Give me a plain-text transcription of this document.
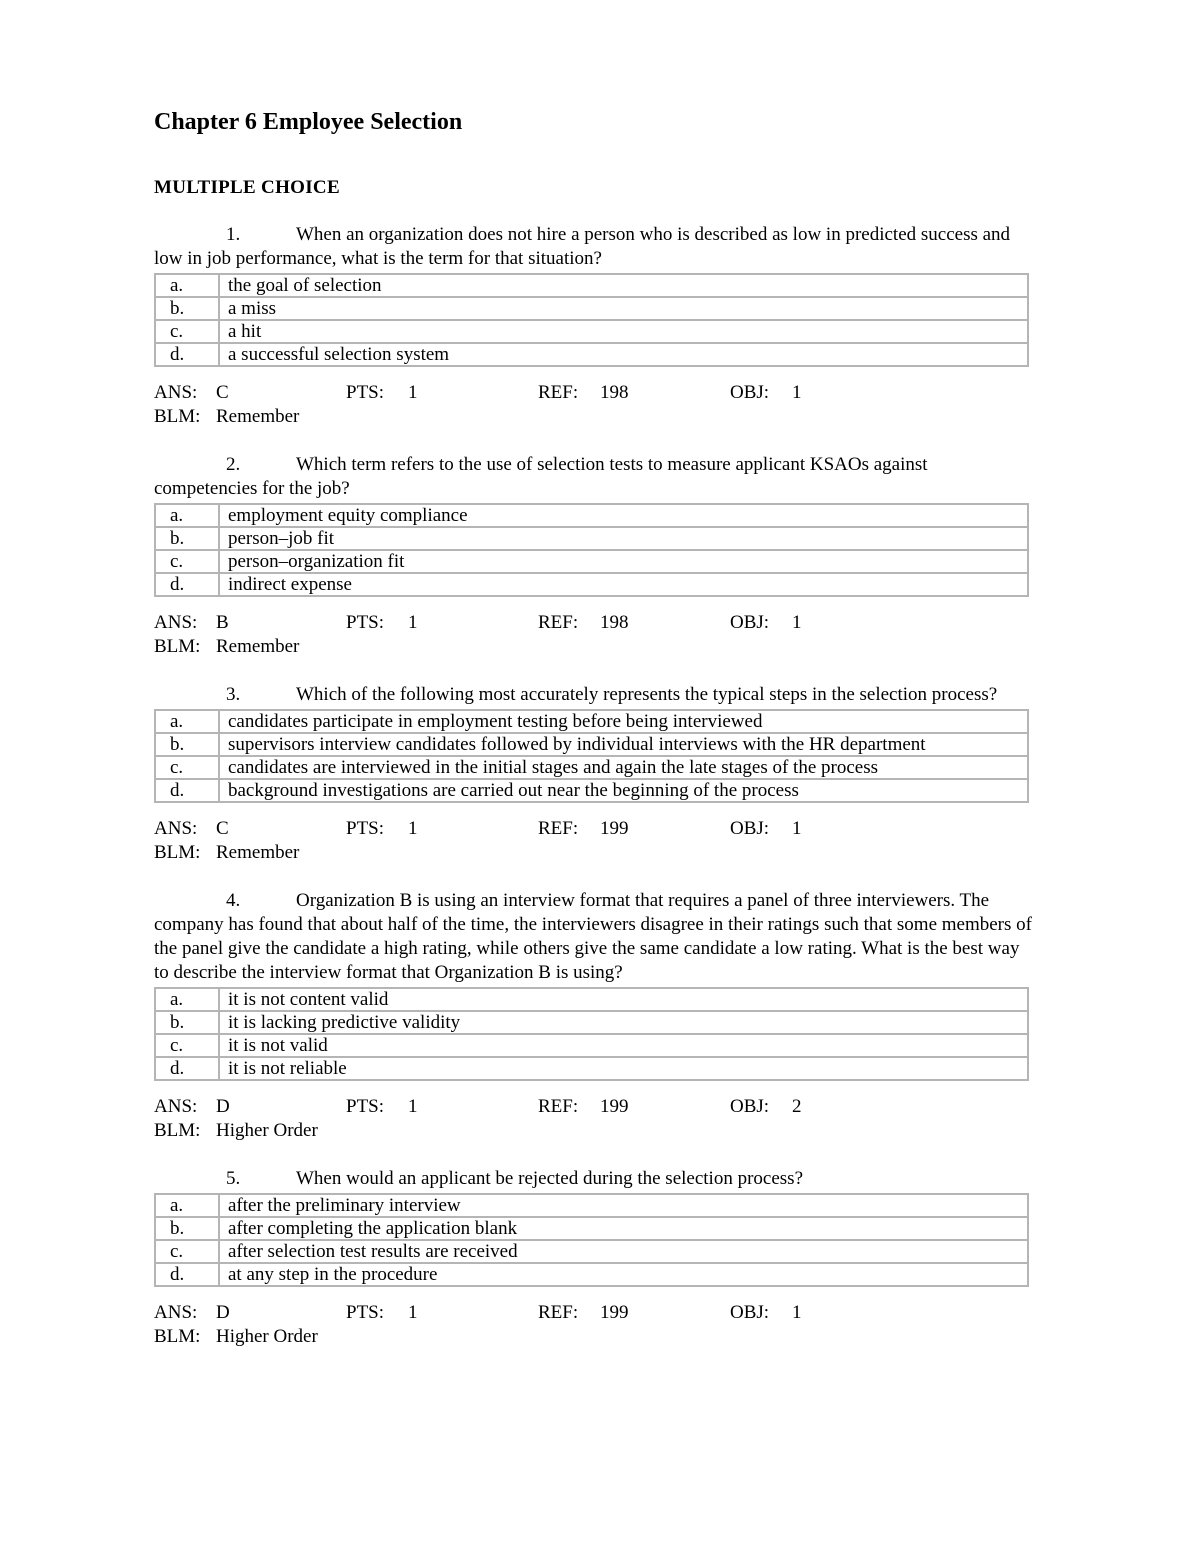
Chapter 6 Employee Selection
MULTIPLE CHOICE

1.	When an organization does not hire a person who is described as low in predicted success and low in job performance, what is the term for that situation?

a.	the goal of selection
b.	a miss
c.	a hit
d.	a successful selection system
ANS: C	PTS: 1	REF: 198	OBJ: 1
BLM: Remember

2.	Which term refers to the use of selection tests to measure applicant KSAOs against competencies for the job?

a.	employment equity compliance
b.	person–job fit
c.	person–organization fit
d.	indirect expense
ANS: B	PTS: 1	REF: 198	OBJ: 1
BLM: Remember

3.	Which of the following most accurately represents the typical steps in the selection process?

a.	candidates participate in employment testing before being interviewed
b.	supervisors interview candidates followed by individual interviews with the HR department
c.	candidates are interviewed in the initial stages and again the late stages of the process
d.	background investigations are carried out near the beginning of the process
ANS: C	PTS: 1	REF: 199	OBJ: 1
BLM: Remember

4.	Organization B is using an interview format that requires a panel of three interviewers. The company has found that about half of the time, the interviewers disagree in their ratings such that some members of the panel give the candidate a high rating, while others give the same candidate a low rating. What is the best way to describe the interview format that Organization B is using?

a.	it is not content valid
b.	it is lacking predictive validity
c.	it is not valid
d.	it is not reliable
ANS: D	PTS: 1	REF: 199	OBJ: 2
BLM: Higher Order

5.	When would an applicant be rejected during the selection process?

a.	after the preliminary interview
b.	after completing the application blank
c.	after selection test results are received
d.	at any step in the procedure
ANS: D	PTS: 1	REF: 199	OBJ: 1
BLM: Higher Order
